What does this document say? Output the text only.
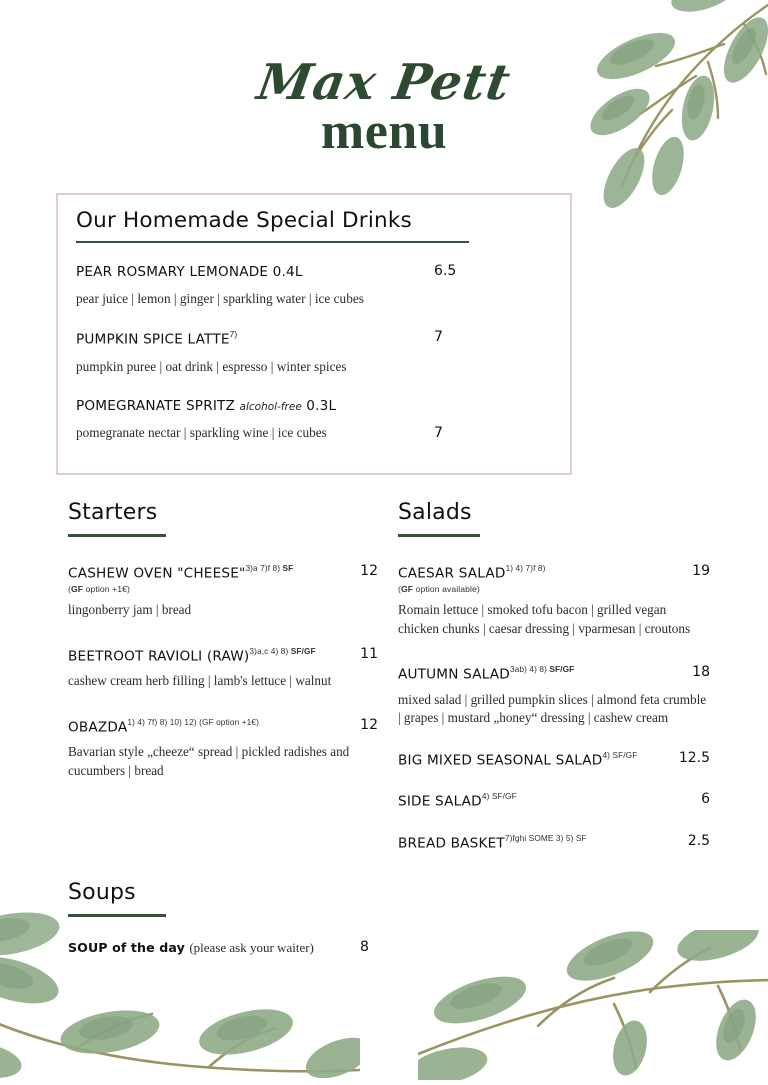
Max Pett
menu
Our Homemade Special Drinks
PEAR ROSMARY LEMONADE 0.4L
pear juice | lemon | ginger | sparkling water | ice cubes
6.5
PUMPKIN SPICE LATTE$^{7)}$
pumpkin puree | oat drink | espresso | winter spices
7
POMEGRANATE SPRITZ alcohol-free 0.3L
pomegranate nectar | sparkling wine | ice cubes	7
Starters
CASHEW OVEN "CHEESE"$^{3)a 7)f 8) SF}$
(GF option +1€)
lingonberry jam | bread
12
BEETROOT RAVIOLI (RAW)$^{3)a,c 4) 8) SF/GF}$
cashew cream herb filling | lamb's lettuce | walnut
11
$OBAZDA^{1) 4) 7f) 8) 10) 12) (GF option +1€)}$
Bavarian style „cheeze“ spread | pickled radishes and cucumbers | bread
12
Salads
CAESAR $SALAD^{1) 4) 7)f 8)}$
(GF option available)
Romain lettuce | smoked tofu bacon | grilled vegan chicken chunks | caesar dressing | vparmesan | croutons
19
AUTUMN $SALAD^{3ab) 4) 8) SF/GF}$
mixed salad | grilled pumpkin slices | almond feta crumble | grapes | mustard „honey“ dressing | cashew cream
18
BIG MIXED SEASONAL $SALAD^{4) SF/GF}$	12.5
SIDE $SALAD^{4) SF/GF}$	6
BREAD $BASKET^{7)fghi SOME 3) 5) SF}$	2.5
Soups
SOUP of the day (please ask your waiter)	8
